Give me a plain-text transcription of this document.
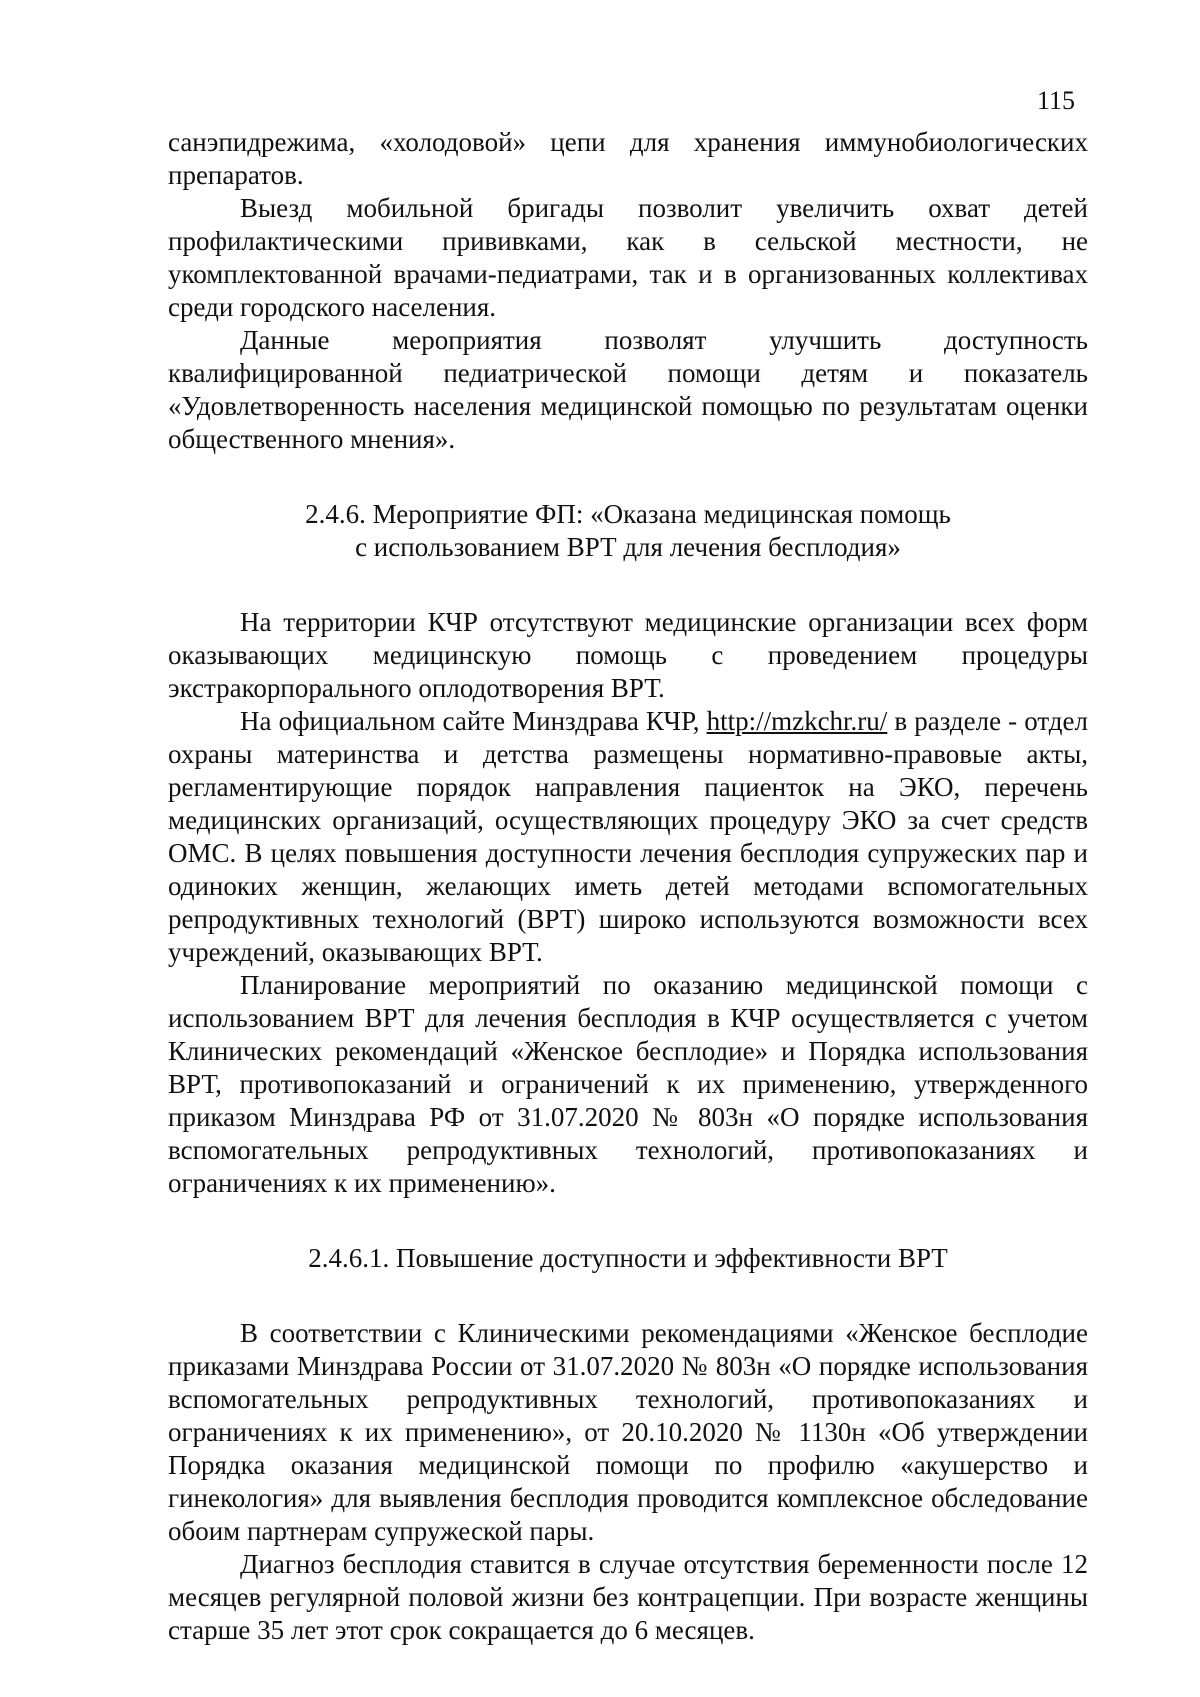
115

санэпидрежима, «холодовой» цепи для хранения иммунобиологических препаратов.

Выезд мобильной бригады позволит увеличить охват детей профилактическими прививками, как в сельской местности, не укомплектованной врачами-педиатрами, так и в организованных коллективах среди городского населения.

Данные мероприятия позволят улучшить доступность квалифицированной педиатрической помощи детям и показатель «Удовлетворенность населения медицинской помощью по результатам оценки общественного мнения».

2.4.6. Мероприятие ФП: «Оказана медицинская помощь
с использованием ВРТ для лечения бесплодия»

На территории КЧР отсутствуют медицинские организации всех форм оказывающих медицинскую помощь с проведением процедуры экстракорпорального оплодотворения ВРТ.

На официальном сайте Минздрава КЧР, http://mzkchr.ru/ в разделе - отдел охраны материнства и детства размещены нормативно-правовые акты, регламентирующие порядок направления пациенток на ЭКО, перечень медицинских организаций, осуществляющих процедуру ЭКО за счет средств ОМС. В целях повышения доступности лечения бесплодия супружеских пар и одиноких женщин, желающих иметь детей методами вспомогательных репродуктивных технологий (ВРТ) широко используются возможности всех учреждений, оказывающих ВРТ.

Планирование мероприятий по оказанию медицинской помощи с использованием ВРТ для лечения бесплодия в КЧР осуществляется с учетом Клинических рекомендаций «Женское бесплодие» и Порядка использования ВРТ, противопоказаний и ограничений к их применению, утвержденного приказом Минздрава РФ от 31.07.2020 № 803н «О порядке использования вспомогательных репродуктивных технологий, противопоказаниях и ограничениях к их применению».

2.4.6.1. Повышение доступности и эффективности ВРТ

В соответствии с Клиническими рекомендациями «Женское бесплодие приказами Минздрава России от 31.07.2020 № 803н «О порядке использования вспомогательных репродуктивных технологий, противопоказаниях и ограничениях к их применению», от 20.10.2020 № 1130н «Об утверждении Порядка оказания медицинской помощи по профилю «акушерство и гинекология» для выявления бесплодия проводится комплексное обследование обоим партнерам супружеской пары.

Диагноз бесплодия ставится в случае отсутствия беременности после 12 месяцев регулярной половой жизни без контрацепции. При возрасте женщины старше 35 лет этот срок сокращается до 6 месяцев.
